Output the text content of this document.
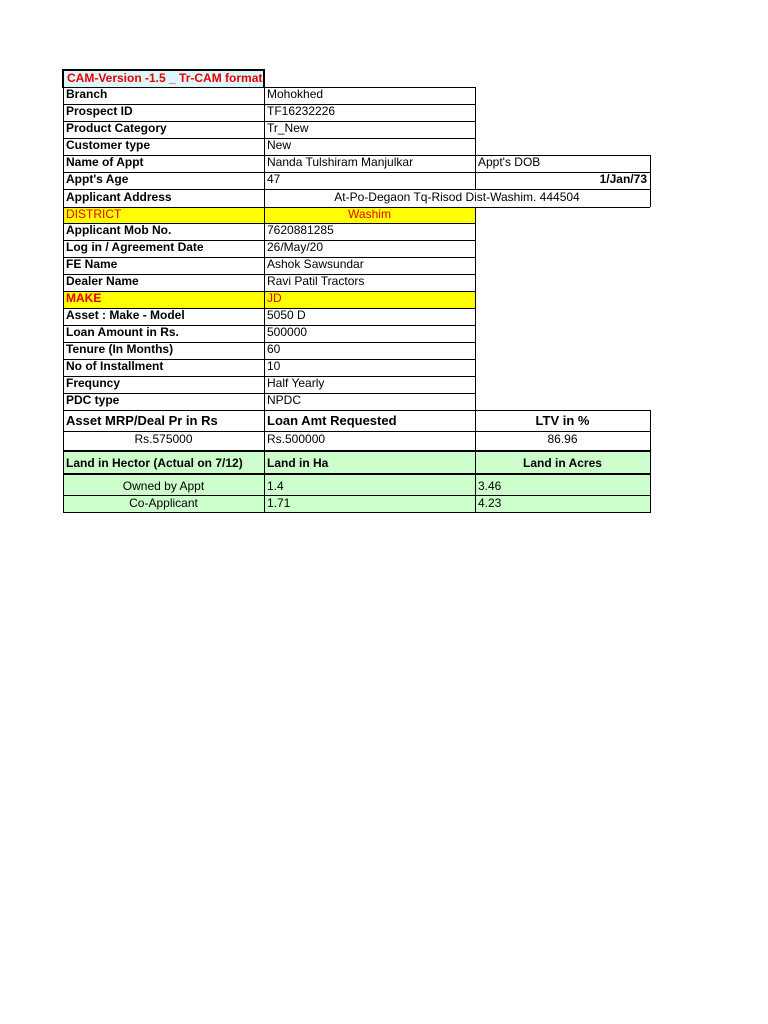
CAM-Version -1.5 _ Tr-CAM format
Branch	Mohokhed
Prospect ID	TF16232226
Product Category	Tr_New
Customer type	New
Name of Appt	Nanda Tulshiram Manjulkar	Appt's DOB
Appt's Age	47	1/Jan/73
Applicant Address	At-Po-Degaon Tq-Risod Dist-Washim. 444504
DISTRICT	Washim
Applicant Mob No.	7620881285
Log in / Agreement Date	26/May/20
FE Name	Ashok Sawsundar
Dealer Name	Ravi Patil Tractors
MAKE	JD
Asset : Make - Model	5050 D
Loan Amount in Rs.	500000
Tenure (In Months)	60
No of Installment	10
Frequncy	Half Yearly
PDC type	NPDC
Asset MRP/Deal Pr in Rs	Loan Amt Requested	LTV in %
Rs.575000	Rs.500000	86.96
Land in Hector (Actual on 7/12)	Land in Ha	Land in Acres
Owned by Appt	1.4	3.46
Co-Applicant	1.71	4.23
